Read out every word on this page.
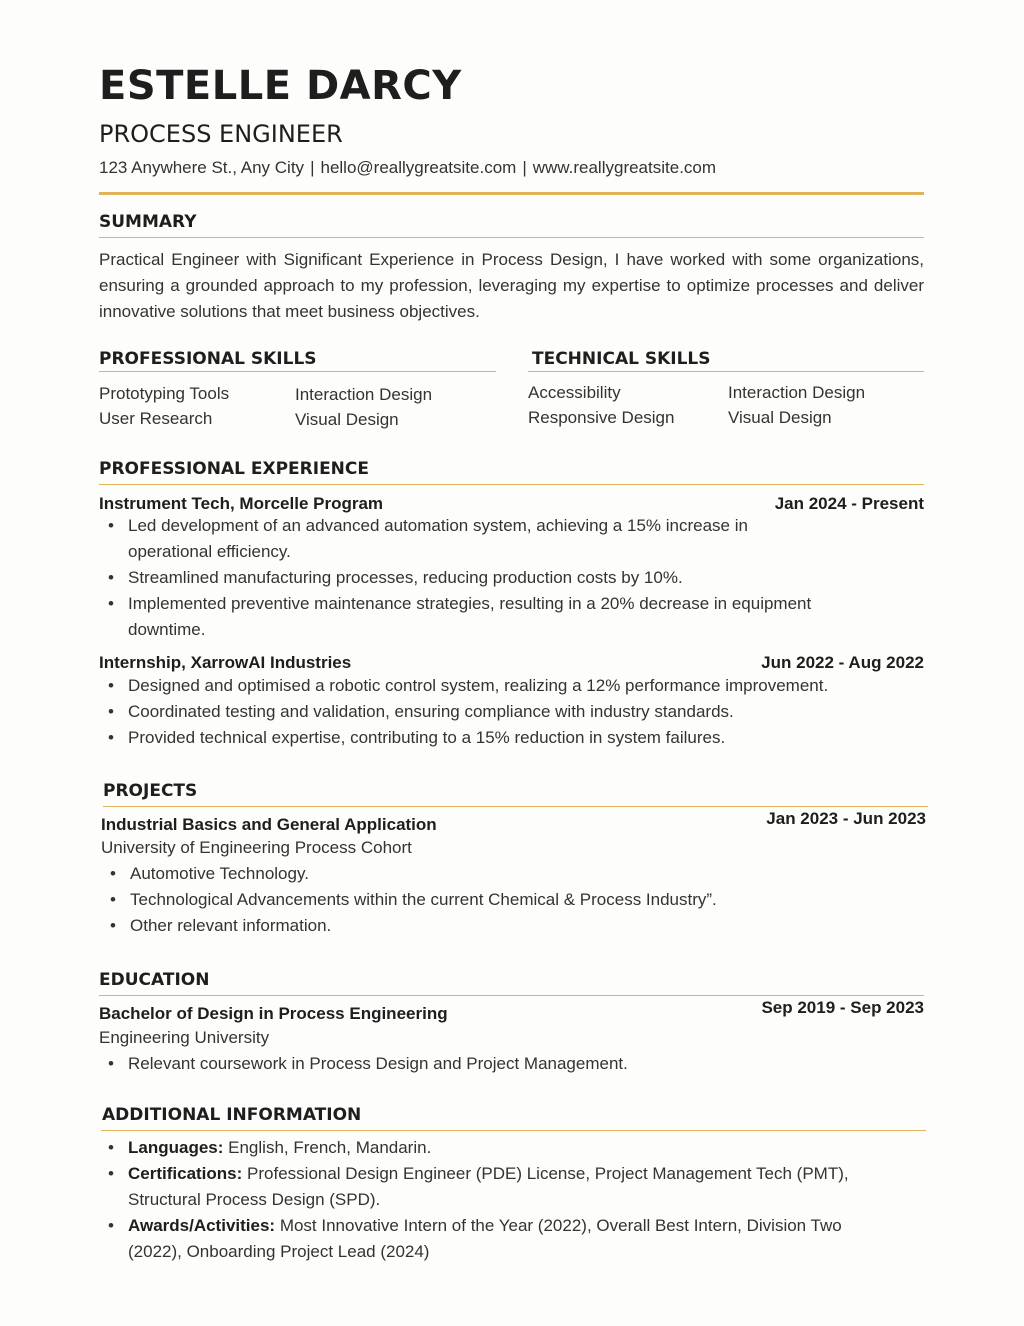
ESTELLE DARCY
PROCESS ENGINEER
123 Anywhere St., Any City | hello@reallygreatsite.com | www.reallygreatsite.com
SUMMARY
Practical Engineer with Significant Experience in Process Design, I have worked with some organizations, ensuring a grounded approach to my profession, leveraging my expertise to optimize processes and deliver innovative solutions that meet business objectives.
PROFESSIONAL SKILLS
Prototyping Tools	Interaction Design
User Research	Visual Design
TECHNICAL SKILLS
Accessibility	Interaction Design
Responsive Design	Visual Design
PROFESSIONAL EXPERIENCE
Instrument Tech, Morcelle Program	Jan 2024 - Present
• Led development of an advanced automation system, achieving a 15% increase in operational efficiency.
• Streamlined manufacturing processes, reducing production costs by 10%.
• Implemented preventive maintenance strategies, resulting in a 20% decrease in equipment downtime.
Internship, XarrowAI Industries	Jun 2022 - Aug 2022
• Designed and optimised a robotic control system, realizing a 12% performance improvement.
• Coordinated testing and validation, ensuring compliance with industry standards.
• Provided technical expertise, contributing to a 15% reduction in system failures.
PROJECTS
Industrial Basics and General Application	Jan 2023 - Jun 2023
University of Engineering Process Cohort
• Automotive Technology.
• Technological Advancements within the current Chemical & Process Industry”.
• Other relevant information.
EDUCATION
Bachelor of Design in Process Engineering	Sep 2019 - Sep 2023
Engineering University
• Relevant coursework in Process Design and Project Management.
ADDITIONAL INFORMATION
• Languages: English, French, Mandarin.
• Certifications: Professional Design Engineer (PDE) License, Project Management Tech (PMT), Structural Process Design (SPD).
• Awards/Activities: Most Innovative Intern of the Year (2022), Overall Best Intern, Division Two (2022), Onboarding Project Lead (2024)
